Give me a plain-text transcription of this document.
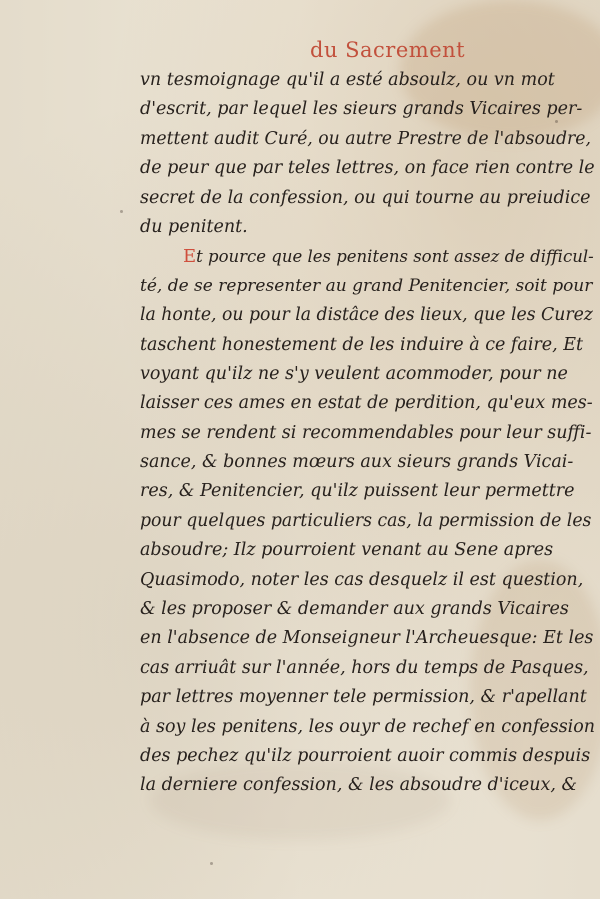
du Sacrement
vn tesmoignage qu'il a esté absoulz, ou vn mot
d'escrit, par lequel les sieurs grands Vicaires per-
mettent audit Curé, ou autre Prestre de l'absoudre,
de peur que par teles lettres, on face rien contre le
secret de la confession, ou qui tourne au preiudice
du penitent.
Et pource que les penitens sont assez de difficul-
té, de se representer au grand Penitencier, soit pour
la honte, ou pour la distâce des lieux, que les Curez
taschent honestement de les induire à ce faire, Et
voyant qu'ilz ne s'y veulent acommoder, pour ne
laisser ces ames en estat de perdition, qu'eux mes-
mes se rendent si recommendables pour leur suffi-
sance, & bonnes mœurs aux sieurs grands Vicai-
res, & Penitencier, qu'ilz puissent leur permettre
pour quelques particuliers cas, la permission de les
absoudre; Ilz pourroient venant au Sene apres
Quasimodo, noter les cas desquelz il est question,
& les proposer & demander aux grands Vicaires
en l'absence de Monseigneur l'Archeuesque: Et les
cas arriuât sur l'année, hors du temps de Pasques,
par lettres moyenner tele permission, & r'apellant
à soy les penitens, les ouyr de rechef en confession
des pechez qu'ilz pourroient auoir commis despuis
la derniere confession, & les absoudre d'iceux, &
